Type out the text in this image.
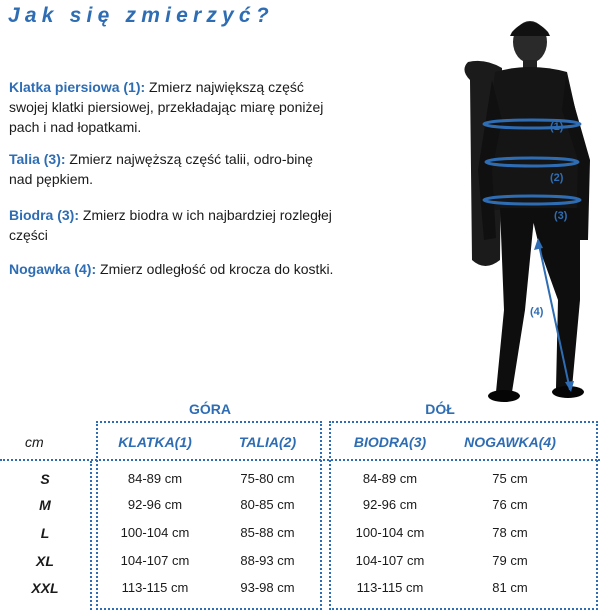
Jak się zmierzyć?
Klatka piersiowa (1): Zmierz największą część swojej klatki piersiowej, przekładając miarę poniżej pach i nad łopatkami.
Talia (3): Zmierz najwęższą część talii, odro-binę nad pępkiem.
Biodra (3): Zmierz biodra w ich najbardziej rozległej części
Nogawka (4): Zmierz odległość od krocza do kostki.
(1)
(2)
(3)
(4)
GÓRA	DÓŁ
cm	KLATKA(1)	TALIA(2)	BIODRA(3)	NOGAWKA(4)
S	84-89 cm	75-80 cm	84-89 cm	75 cm
M	92-96 cm	80-85 cm	92-96 cm	76 cm
L	100-104 cm	85-88 cm	100-104 cm	78 cm
XL	104-107 cm	88-93 cm	104-107 cm	79 cm
XXL	113-115 cm	93-98 cm	113-115 cm	81 cm
